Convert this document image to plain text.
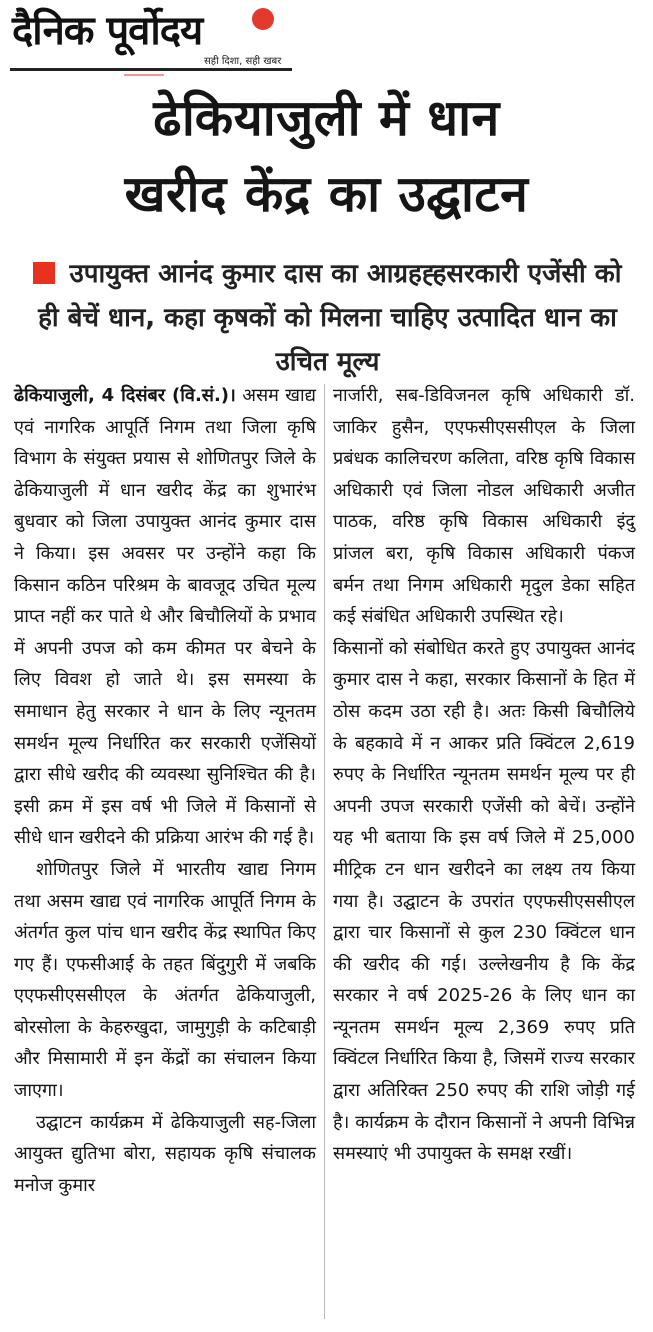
दैनिक पूर्वोदय
सही दिशा, सही खबर
ढेकियाजुली में धान
खरीद केंद्र का उद्घाटन
उपायुक्त आनंद कुमार दास का आग्रहह्हसरकारी एजेंसी को ही बेचें धान, कहा कृषकों को मिलना चाहिए उत्पादित धान का उचित मूल्य

ढेकियाजुली, 4 दिसंबर (वि.सं.)। असम खाद्य एवं नागरिक आपूर्ति निगम तथा जिला कृषि विभाग के संयुक्त प्रयास से शोणितपुर जिले के ढेकियाजुली में धान खरीद केंद्र का शुभारंभ बुधवार को जिला उपायुक्त आनंद कुमार दास ने किया। इस अवसर पर उन्होंने कहा कि किसान कठिन परिश्रम के बावजूद उचित मूल्य प्राप्त नहीं कर पाते थे और बिचौलियों के प्रभाव में अपनी उपज को कम कीमत पर बेचने के लिए विवश हो जाते थे। इस समस्या के समाधान हेतु सरकार ने धान के लिए न्यूनतम समर्थन मूल्य निर्धारित कर सरकारी एजेंसियों द्वारा सीधे खरीद की व्यवस्था सुनिश्चित की है। इसी क्रम में इस वर्ष भी जिले में किसानों से सीधे धान खरीदने की प्रक्रिया आरंभ की गई है।

शोणितपुर जिले में भारतीय खाद्य निगम तथा असम खाद्य एवं नागरिक आपूर्ति निगम के अंतर्गत कुल पांच धान खरीद केंद्र स्थापित किए गए हैं। एफसीआई के तहत बिंदुगुरी में जबकि एएफसीएससीएल के अंतर्गत ढेकियाजुली, बोरसोला के केहरुखुदा, जामुगुड़ी के कटिबाड़ी और मिसामारी में इन केंद्रों का संचालन किया जाएगा।

उद्घाटन कार्यक्रम में ढेकियाजुली सह-जिला आयुक्त द्युतिभा बोरा, सहायक कृषि संचालक मनोज कुमार

नार्जारी, सब-डिविजनल कृषि अधिकारी डॉ. जाकिर हुसैन, एएफसीएससीएल के जिला प्रबंधक कालिचरण कलिता, वरिष्ठ कृषि विकास अधिकारी एवं जिला नोडल अधिकारी अजीत पाठक, वरिष्ठ कृषि विकास अधिकारी इंदु प्रांजल बरा, कृषि विकास अधिकारी पंकज बर्मन तथा निगम अधिकारी मृदुल डेका सहित कई संबंधित अधिकारी उपस्थित रहे।

किसानों को संबोधित करते हुए उपायुक्त आनंद कुमार दास ने कहा, सरकार किसानों के हित में ठोस कदम उठा रही है। अतः किसी बिचौलिये के बहकावे में न आकर प्रति क्विंटल 2,619 रुपए के निर्धारित न्यूनतम समर्थन मूल्य पर ही अपनी उपज सरकारी एजेंसी को बेचें। उन्होंने यह भी बताया कि इस वर्ष जिले में 25,000 मीट्रिक टन धान खरीदने का लक्ष्य तय किया गया है। उद्घाटन के उपरांत एएफसीएससीएल द्वारा चार किसानों से कुल 230 क्विंटल धान की खरीद की गई। उल्लेखनीय है कि केंद्र सरकार ने वर्ष 2025-26 के लिए धान का न्यूनतम समर्थन मूल्य 2,369 रुपए प्रति क्विंटल निर्धारित किया है, जिसमें राज्य सरकार द्वारा अतिरिक्त 250 रुपए की राशि जोड़ी गई है। कार्यक्रम के दौरान किसानों ने अपनी विभिन्न समस्याएं भी उपायुक्त के समक्ष रखीं।
